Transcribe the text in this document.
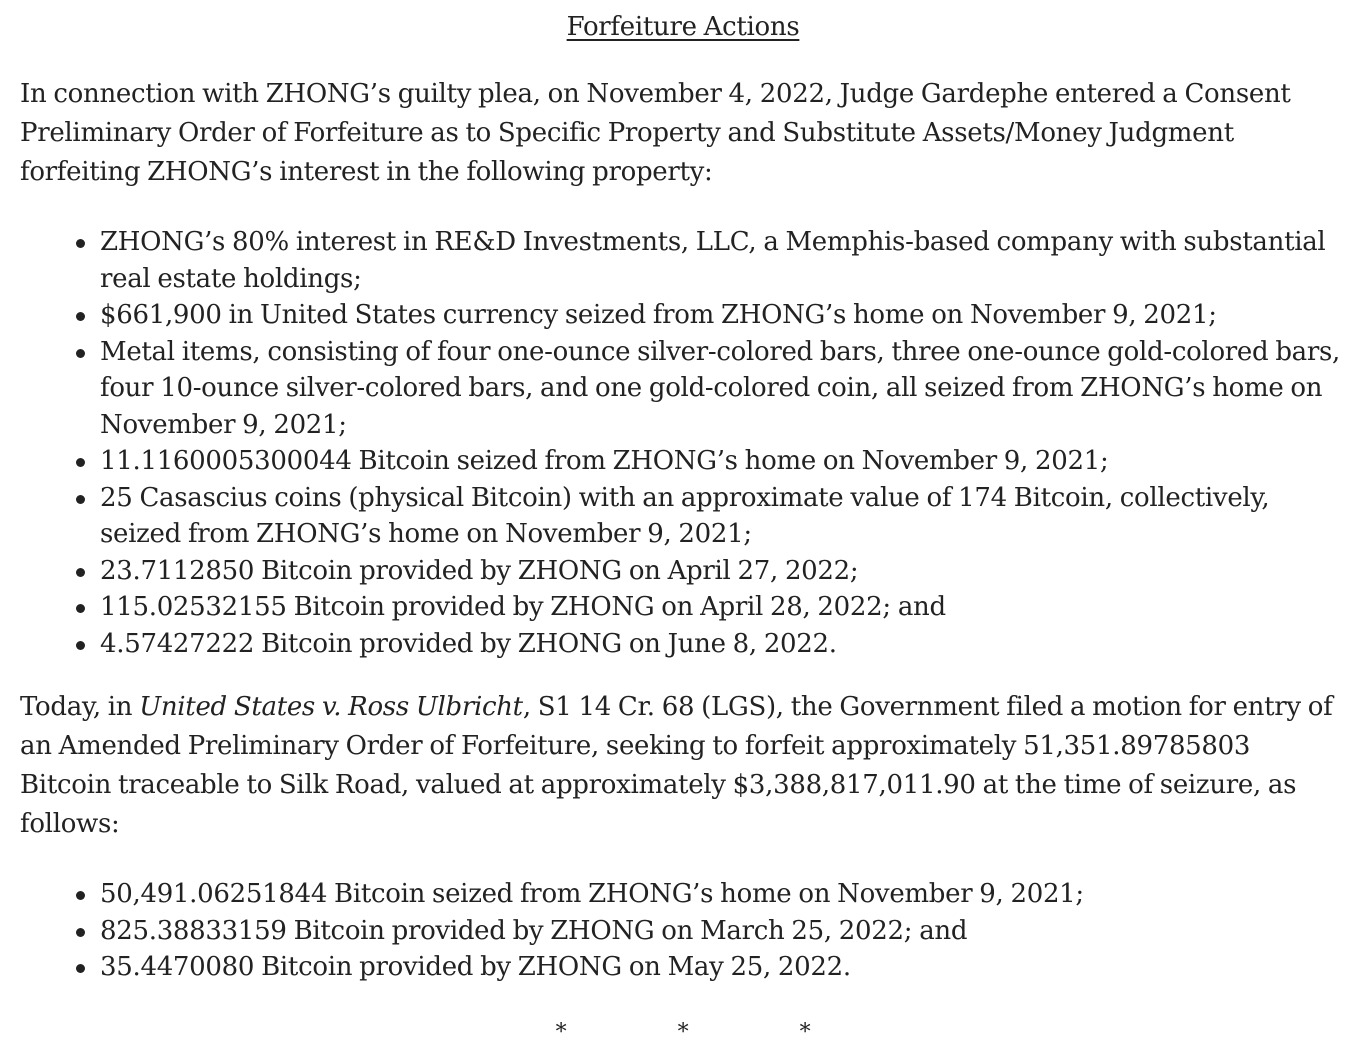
Forfeiture Actions

In connection with ZHONG’s guilty plea, on November 4, 2022, Judge Gardephe entered a Consent Preliminary Order of Forfeiture as to Specific Property and Substitute Assets/Money Judgment forfeiting ZHONG’s interest in the following property:

ZHONG’s 80% interest in RE&D Investments, LLC, a Memphis-based company with substantial real estate holdings;
$661,900 in United States currency seized from ZHONG’s home on November 9, 2021;
Metal items, consisting of four one-ounce silver-colored bars, three one-ounce gold-colored bars, four 10-ounce silver-colored bars, and one gold-colored coin, all seized from ZHONG’s home on November 9, 2021;
11.1160005300044 Bitcoin seized from ZHONG’s home on November 9, 2021;
25 Casascius coins (physical Bitcoin) with an approximate value of 174 Bitcoin, collectively, seized from ZHONG’s home on November 9, 2021;
23.7112850 Bitcoin provided by ZHONG on April 27, 2022;
115.02532155 Bitcoin provided by ZHONG on April 28, 2022; and
4.57427222 Bitcoin provided by ZHONG on June 8, 2022.

Today, in United States v. Ross Ulbricht, S1 14 Cr. 68 (LGS), the Government filed a motion for entry of an Amended Preliminary Order of Forfeiture, seeking to forfeit approximately 51,351.89785803 Bitcoin traceable to Silk Road, valued at approximately $3,388,817,011.90 at the time of seizure, as follows:

50,491.06251844 Bitcoin seized from ZHONG’s home on November 9, 2021;
825.38833159 Bitcoin provided by ZHONG on March 25, 2022; and
35.4470080 Bitcoin provided by ZHONG on May 25, 2022.
*	*	*
